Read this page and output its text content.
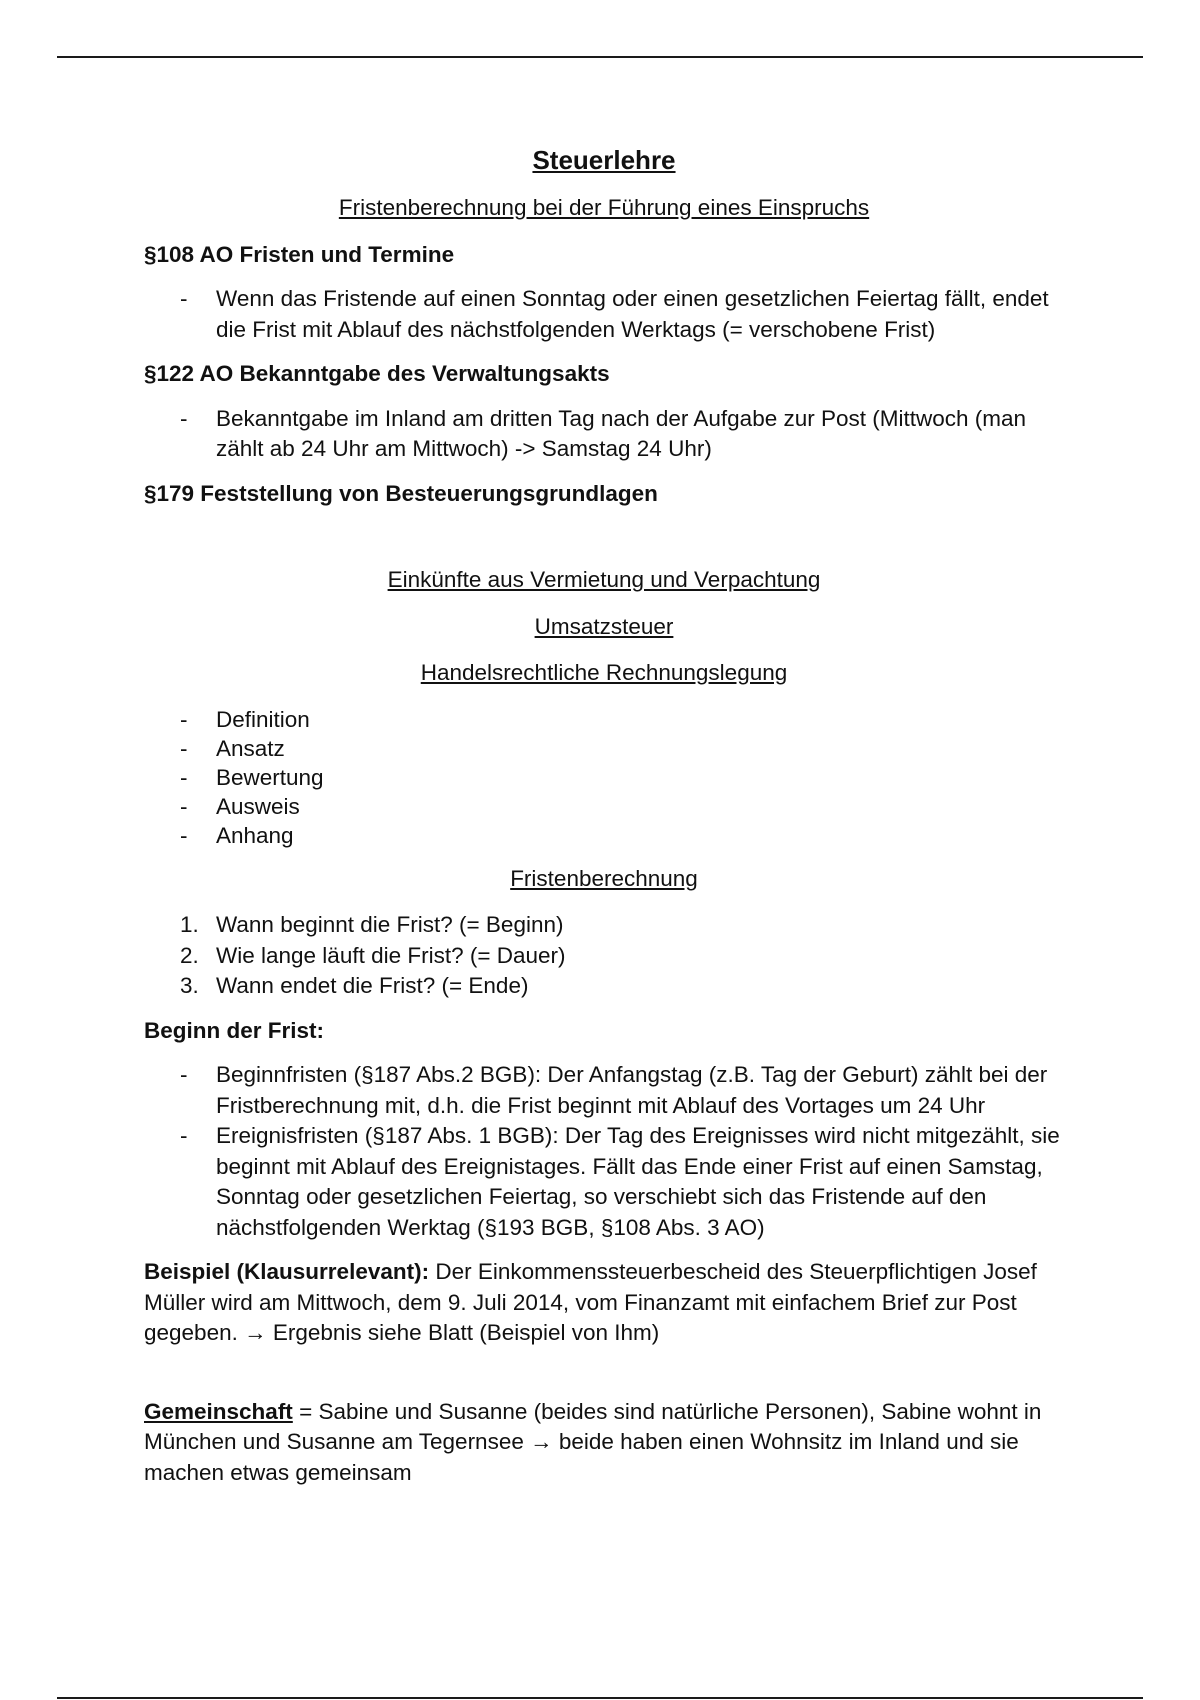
Steuerlehre
Fristenberechnung bei der Führung eines Einspruchs
§108 AO Fristen und Termine
- Wenn das Fristende auf einen Sonntag oder einen gesetzlichen Feiertag fällt, endet die Frist mit Ablauf des nächstfolgenden Werktags (= verschobene Frist)
§122 AO Bekanntgabe des Verwaltungsakts
- Bekanntgabe im Inland am dritten Tag nach der Aufgabe zur Post (Mittwoch (man zählt ab 24 Uhr am Mittwoch) -> Samstag 24 Uhr)
§179 Feststellung von Besteuerungsgrundlagen
Einkünfte aus Vermietung und Verpachtung
Umsatzsteuer
Handelsrechtliche Rechnungslegung
- Definition
- Ansatz
- Bewertung
- Ausweis
- Anhang
Fristenberechnung
1. Wann beginnt die Frist? (= Beginn)
2. Wie lange läuft die Frist? (= Dauer)
3. Wann endet die Frist? (= Ende)
Beginn der Frist:
- Beginnfristen (§187 Abs.2 BGB): Der Anfangstag (z.B. Tag der Geburt) zählt bei der Fristberechnung mit, d.h. die Frist beginnt mit Ablauf des Vortages um 24 Uhr
- Ereignisfristen (§187 Abs. 1 BGB): Der Tag des Ereignisses wird nicht mitgezählt, sie beginnt mit Ablauf des Ereignistages. Fällt das Ende einer Frist auf einen Samstag, Sonntag oder gesetzlichen Feiertag, so verschiebt sich das Fristende auf den nächstfolgenden Werktag (§193 BGB, §108 Abs. 3 AO)
Beispiel (Klausurrelevant): Der Einkommenssteuerbescheid des Steuerpflichtigen Josef Müller wird am Mittwoch, dem 9. Juli 2014, vom Finanzamt mit einfachem Brief zur Post gegeben. → Ergebnis siehe Blatt (Beispiel von Ihm)
Gemeinschaft = Sabine und Susanne (beides sind natürliche Personen), Sabine wohnt in München und Susanne am Tegernsee → beide haben einen Wohnsitz im Inland und sie machen etwas gemeinsam
